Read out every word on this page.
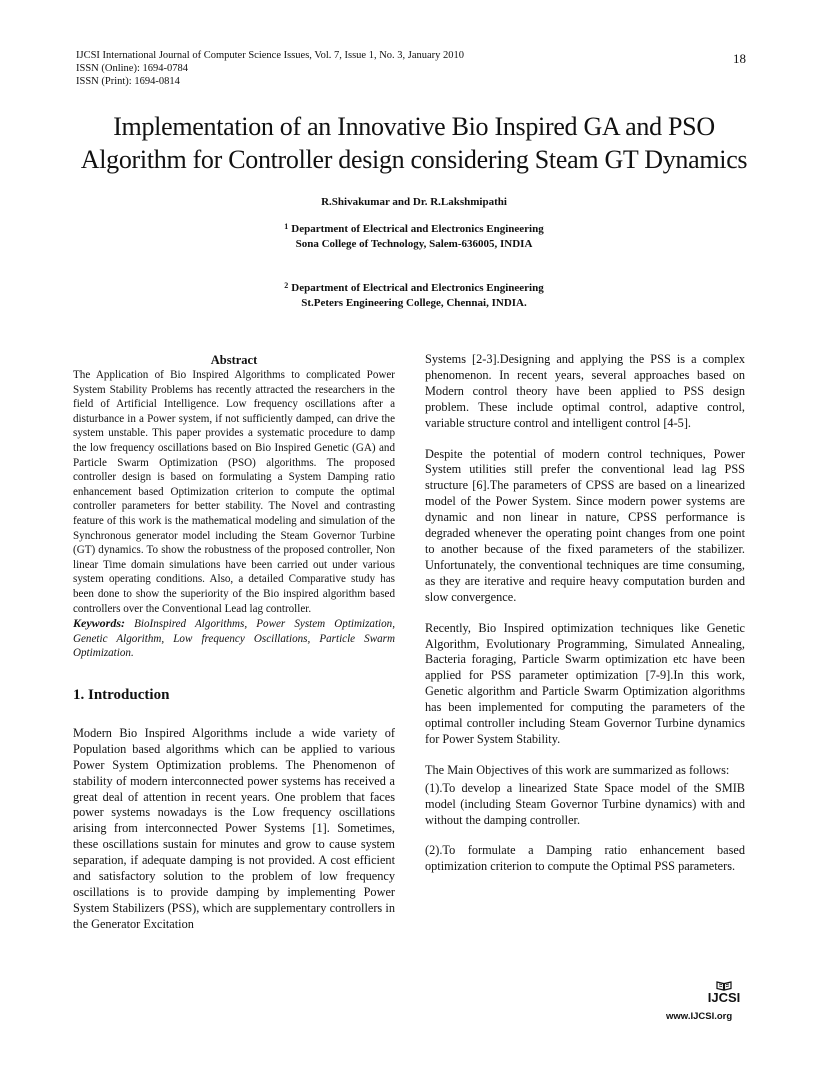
IJCSI International Journal of Computer Science Issues, Vol. 7, Issue 1, No. 3, January 2010
ISSN (Online): 1694-0784
ISSN (Print): 1694-0814
18
Implementation of an Innovative Bio Inspired GA and PSO
Algorithm for Controller design considering Steam GT Dynamics
R.Shivakumar and Dr. R.Lakshmipathi
$^1$ Department of Electrical and Electronics Engineering
Sona College of Technology, Salem-636005, INDIA
$^2$ Department of Electrical and Electronics Engineering
St.Peters Engineering College, Chennai, INDIA.

Abstract

The Application of Bio Inspired Algorithms to complicated Power System Stability Problems has recently attracted the researchers in the field of Artificial Intelligence. Low frequency oscillations after a disturbance in a Power system, if not sufficiently damped, can drive the system unstable. This paper provides a systematic procedure to damp the low frequency oscillations based on Bio Inspired Genetic (GA) and Particle Swarm Optimization (PSO) algorithms. The proposed controller design is based on formulating a System Damping ratio enhancement based Optimization criterion to compute the optimal controller parameters for better stability. The Novel and contrasting feature of this work is the mathematical modeling and simulation of the Synchronous generator model including the Steam Governor Turbine (GT) dynamics. To show the robustness of the proposed controller, Non linear Time domain simulations have been carried out under various system operating conditions. Also, a detailed Comparative study has been done to show the superiority of the Bio inspired algorithm based controllers over the Conventional Lead lag controller.

Keywords: BioInspired Algorithms, Power System Optimization, Genetic Algorithm, Low frequency Oscillations, Particle Swarm Optimization.

1. Introduction

Modern Bio Inspired Algorithms include a wide variety of Population based algorithms which can be applied to various Power System Optimization problems. The Phenomenon of stability of modern interconnected power systems has received a great deal of attention in recent years. One problem that faces power systems nowadays is the Low frequency oscillations arising from interconnected Power Systems [1]. Sometimes, these oscillations sustain for minutes and grow to cause system separation, if adequate damping is not provided. A cost efficient and satisfactory solution to the problem of low frequency oscillations is to provide damping by implementing Power System Stabilizers (PSS), which are supplementary controllers in the Generator Excitation

Systems [2-3].Designing and applying the PSS is a complex phenomenon. In recent years, several approaches based on Modern control theory have been applied to PSS design problem. These include optimal control, adaptive control, variable structure control and intelligent control [4-5].

Despite the potential of modern control techniques, Power System utilities still prefer the conventional lead lag PSS structure [6].The parameters of CPSS are based on a linearized model of the Power System. Since modern power systems are dynamic and non linear in nature, CPSS performance is degraded whenever the operating point changes from one point to another because of the fixed parameters of the stabilizer. Unfortunately, the conventional techniques are time consuming, as they are iterative and require heavy computation burden and slow convergence.

Recently, Bio Inspired optimization techniques like Genetic Algorithm, Evolutionary Programming, Simulated Annealing, Bacteria foraging, Particle Swarm optimization etc have been applied for PSS parameter optimization [7-9].In this work, Genetic algorithm and Particle Swarm Optimization algorithms has been implemented for computing the parameters of the optimal controller including Steam Governor Turbine dynamics for Power System Stability.

The Main Objectives of this work are summarized as follows:

(1).To develop a linearized State Space model of the SMIB model (including Steam Governor Turbine dynamics) with and without the damping controller.

(2).To formulate a Damping ratio enhancement based optimization criterion to compute the Optimal PSS parameters.

IJCSI
www.IJCSI.org
